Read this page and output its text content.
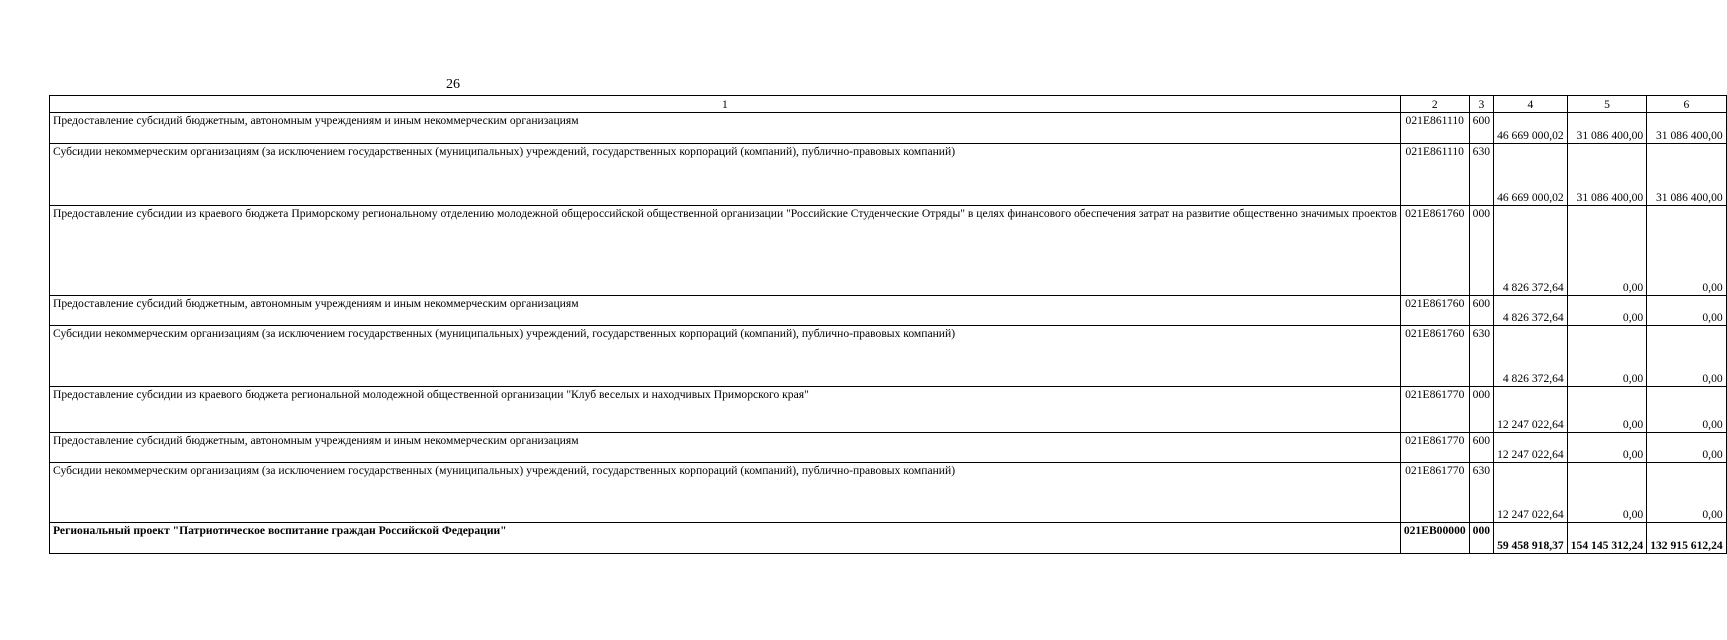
26
1	2	3	4	5	6
Предоставление субсидий бюджетным, автономным учреждениям и иным некоммерческим организациям	021E861110	600	46 669 000,02	31 086 400,00	31 086 400,00
Субсидии некоммерческим организациям (за исключением государственных (муниципальных) учреждений, государственных корпораций (компаний), публично-правовых компаний)	021E861110	630	46 669 000,02	31 086 400,00	31 086 400,00
Предоставление субсидии из краевого бюджета Приморскому региональному отделению молодежной общероссийской общественной организации "Российские Студенческие Отряды" в целях финансового обеспечения затрат на развитие общественно значимых проектов	021E861760	000	4 826 372,64	0,00	0,00
Предоставление субсидий бюджетным, автономным учреждениям и иным некоммерческим организациям	021E861760	600	4 826 372,64	0,00	0,00
Субсидии некоммерческим организациям (за исключением государственных (муниципальных) учреждений, государственных корпораций (компаний), публично-правовых компаний)	021E861760	630	4 826 372,64	0,00	0,00
Предоставление субсидии из краевого бюджета региональной молодежной общественной организации "Клуб веселых и находчивых Приморского края"	021E861770	000	12 247 022,64	0,00	0,00
Предоставление субсидий бюджетным, автономным учреждениям и иным некоммерческим организациям	021E861770	600	12 247 022,64	0,00	0,00
Субсидии некоммерческим организациям (за исключением государственных (муниципальных) учреждений, государственных корпораций (компаний), публично-правовых компаний)	021E861770	630	12 247 022,64	0,00	0,00
Региональный проект "Патриотическое воспитание граждан Российской Федерации"	021EB00000	000	59 458 918,37	154 145 312,24	132 915 612,24
